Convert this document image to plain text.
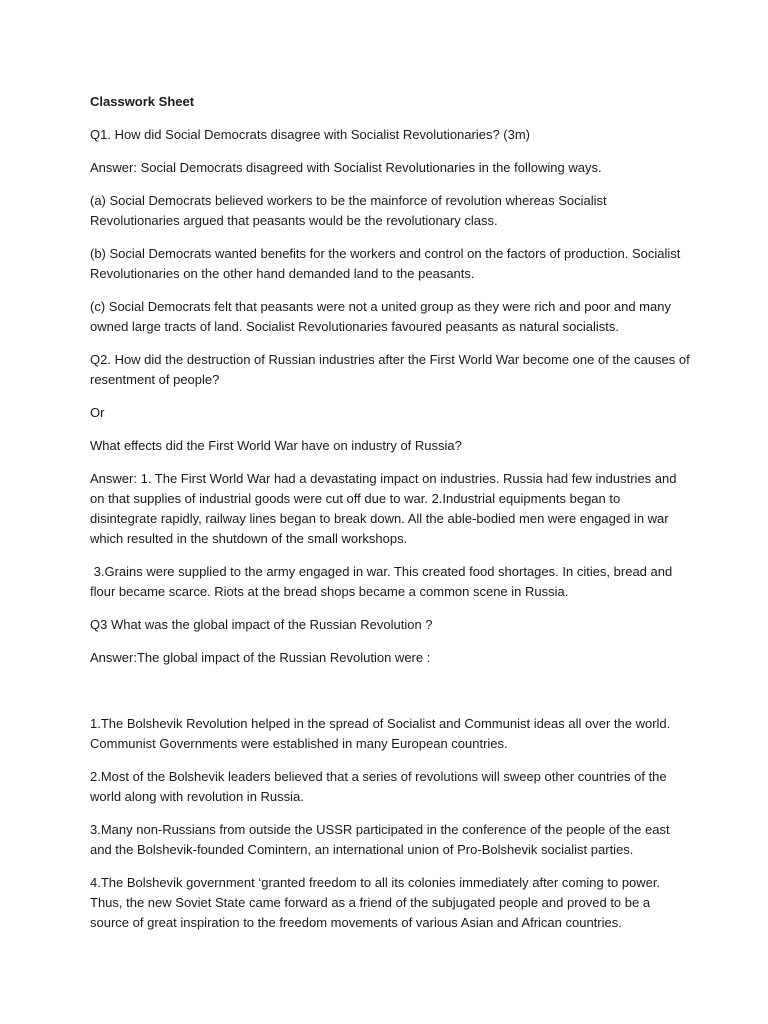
Classwork Sheet
Q1. How did Social Democrats disagree with Socialist Revolutionaries? (3m)
Answer: Social Democrats disagreed with Socialist Revolutionaries in the following ways.
(a) Social Democrats believed workers to be the mainforce of revolution whereas Socialist Revolutionaries argued that peasants would be the revolutionary class.
(b) Social Democrats wanted benefits for the workers and control on the factors of production. Socialist Revolutionaries on the other hand demanded land to the peasants.
(c) Social Democrats felt that peasants were not a united group as they were rich and poor and many owned large tracts of land. Socialist Revolutionaries favoured peasants as natural socialists.
Q2. How did the destruction of Russian industries after the First World War become one of the causes of resentment of people?
Or
What effects did the First World War have on industry of Russia?
Answer: 1. The First World War had a devastating impact on industries. Russia had few industries and on that supplies of industrial goods were cut off due to war. 2.Industrial equipments began to disintegrate rapidly, railway lines began to break down. All the able-bodied men were engaged in war which resulted in the shutdown of the small workshops.
3.Grains were supplied to the army engaged in war. This created food shortages. In cities, bread and flour became scarce. Riots at the bread shops became a common scene in Russia.
Q3 What was the global impact of the Russian Revolution ?
Answer:The global impact of the Russian Revolution were :
1.The Bolshevik Revolution helped in the spread of Socialist and Communist ideas all over the world. Communist Governments were established in many European countries.
2.Most of the Bolshevik leaders believed that a series of revolutions will sweep other countries of the world along with revolution in Russia.
3.Many non-Russians from outside the USSR participated in the conference of the people of the east and the Bolshevik-founded Comintern, an international union of Pro-Bolshevik socialist parties.
4.The Bolshevik government ‘granted freedom to all its colonies immediately after coming to power. Thus, the new Soviet State came forward as a friend of the subjugated people and proved to be a source of great inspiration to the freedom movements of various Asian and African countries.
